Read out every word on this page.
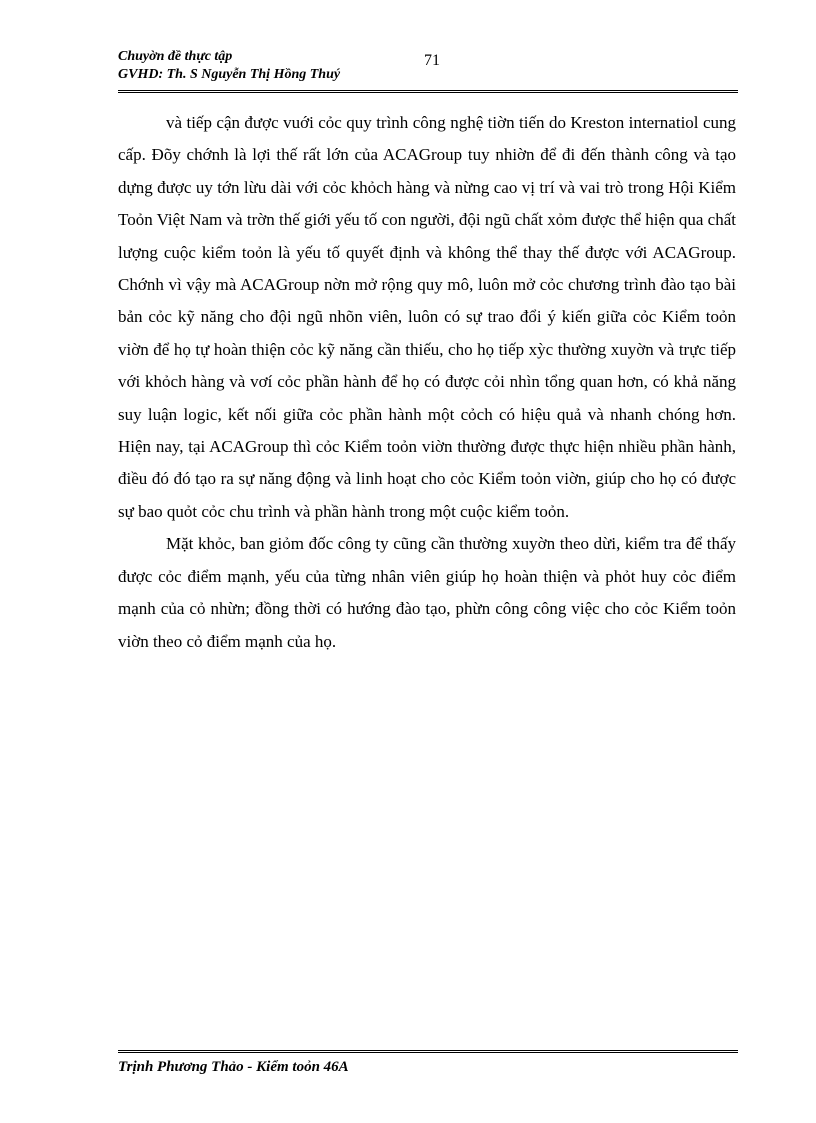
Chuyờn đề thực tập
GVHD: Th. S Nguyễn Thị Hồng Thuý
71

và tiếp cận được vuới cỏc quy trình công nghệ tiờn tiến do Kreston internatiol cung cấp. Đõy chớnh là lợi thế rất lớn của ACAGroup tuy nhiờn để đi đến thành công và tạo dựng được uy tớn lừu dài với cỏc khỏch hàng và nừng cao vị trí và vai trò trong Hội Kiểm Toỏn Việt Nam và trờn thế giới yếu tố con người, đội ngũ chất xỏm được thể hiện qua chất lượng cuộc kiểm toỏn là yếu tố quyết định và không thể thay thế được với ACAGroup. Chớnh vì vậy mà ACAGroup nờn mở rộng quy mô, luôn mở cỏc chương trình đào tạo bài bản cỏc kỹ năng cho đội ngũ nhõn viên, luôn có sự trao đổi ý kiến giữa cỏc Kiểm toỏn viờn để họ tự hoàn thiện cỏc kỹ năng cần thiếu, cho họ tiếp xỳc thường xuyờn và trực tiếp với khỏch hàng và vơí cỏc phần hành để họ có được cỏi nhìn tổng quan hơn, có khả năng suy luận logic, kết nối giữa cỏc phần hành một cỏch có hiệu quả và nhanh chóng hơn. Hiện nay, tại ACAGroup thì cỏc Kiểm toỏn viờn thường được thực hiện nhiều phần hành, điều đó đó tạo ra sự năng động và linh hoạt cho cỏc Kiểm toỏn viờn, giúp cho họ có được sự bao quỏt cỏc chu trình và phần hành trong một cuộc kiểm toỏn.

Mặt khỏc, ban giỏm đốc công ty cũng cần thường xuyờn theo dừi, kiểm tra để thấy được cỏc điểm mạnh, yếu của từng nhân viên giúp họ hoàn thiện và phỏt huy cỏc điểm mạnh của cỏ nhừn; đồng thời có hướng đào tạo, phừn công công việc cho cỏc Kiểm toỏn viờn theo cỏ điểm mạnh của họ.

Trịnh Phương Thảo - Kiểm toỏn 46A
